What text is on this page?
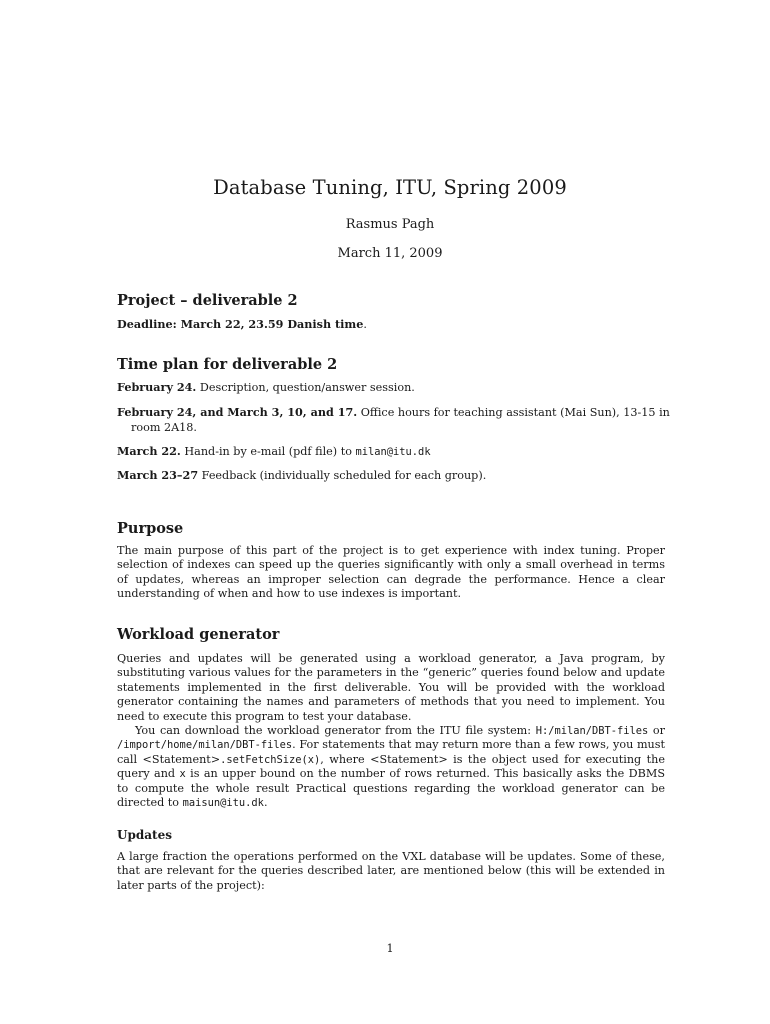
Database Tuning, ITU, Spring 2009
Rasmus Pagh
March 11, 2009
Project – deliverable 2
Deadline: March 22, 23.59 Danish time.
Time plan for deliverable 2
February 24. Description, question/answer session.
February 24, and March 3, 10, and 17. Office hours for teaching assistant (Mai Sun), 13-15 in room 2A18.
March 22. Hand-in by e-mail (pdf file) to milan@itu.dk
March 23–27 Feedback (individually scheduled for each group).
Purpose

The main purpose of this part of the project is to get experience with index tuning. Proper selection of indexes can speed up the queries significantly with only a small overhead in terms of updates, whereas an improper selection can degrade the performance. Hence a clear understanding of when and how to use indexes is important.

Workload generator

Queries and updates will be generated using a workload generator, a Java program, by substituting various values for the parameters in the “generic” queries found below and update statements implemented in the first deliverable. You will be provided with the workload generator containing the names and parameters of methods that you need to implement. You need to execute this program to test your database.

You can download the workload generator from the ITU file system: H:/milan/DBT-files or /import/home/milan/DBT-files. For statements that may return more than a few rows, you must call <Statement>.setFetchSize(x), where <Statement> is the object used for executing the query and x is an upper bound on the number of rows returned. This basically asks the DBMS to compute the whole result Practical questions regarding the workload generator can be directed to maisun@itu.dk.

Updates

A large fraction the operations performed on the VXL database will be updates. Some of these, that are relevant for the queries described later, are mentioned below (this will be extended in later parts of the project):

1
